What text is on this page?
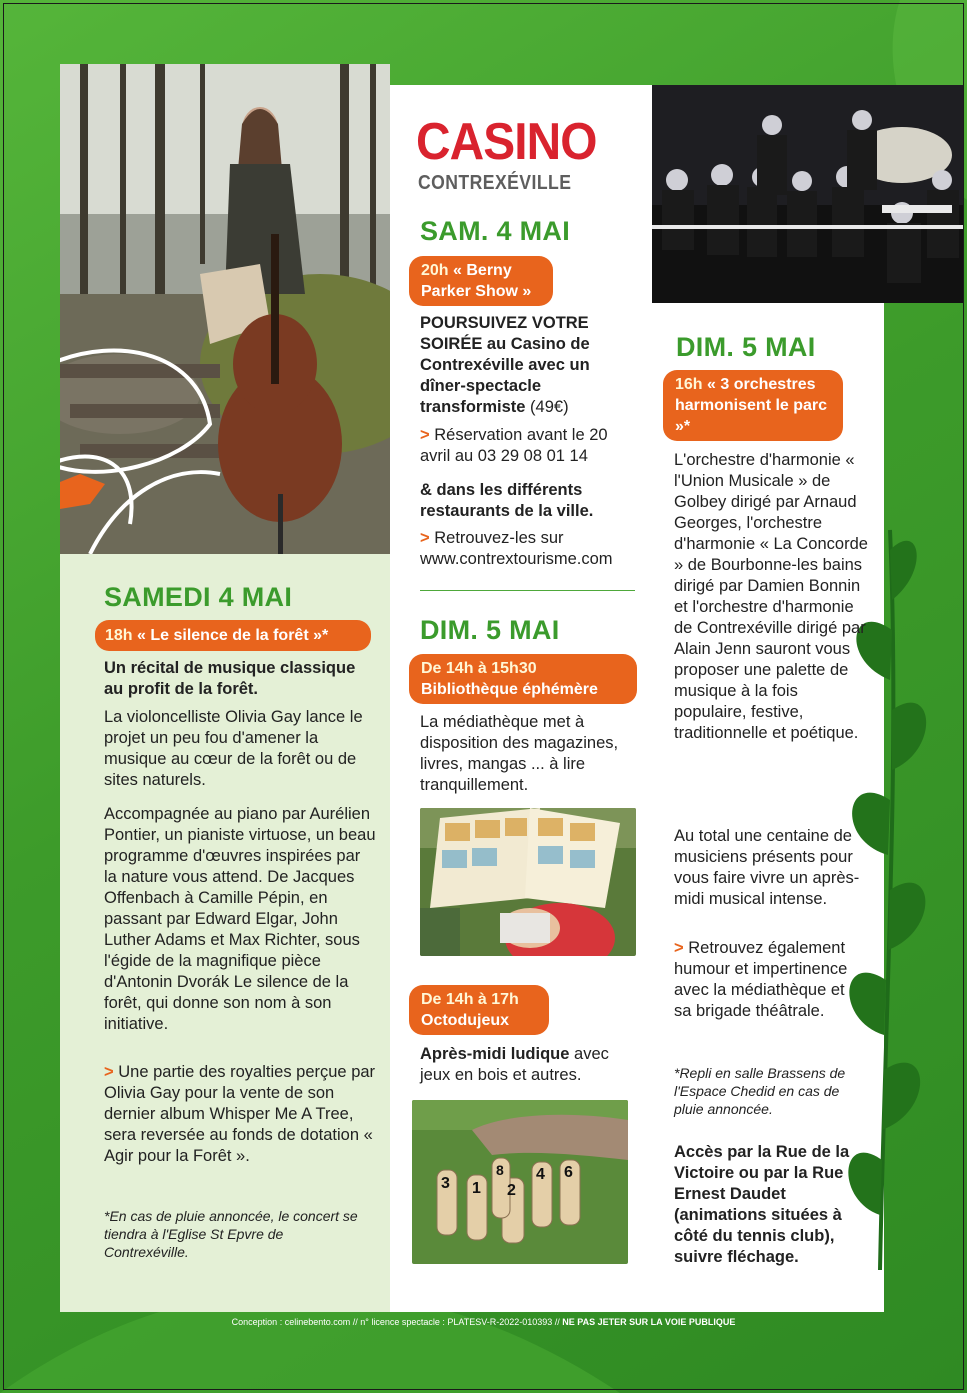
CASINO
CONTREXÉVILLE
SAMEDI 4 MAI
18h « Le silence de la forêt »*
Un récital de musique classique au profit de la forêt.
La violoncelliste Olivia Gay lance le projet un peu fou d'amener la musique au cœur de la forêt ou de sites naturels.
Accompagnée au piano par Aurélien Pontier, un pianiste virtuose, un beau programme d'œuvres inspirées par la nature vous attend. De Jacques Offenbach à Camille Pépin, en passant par Edward Elgar, John Luther Adams et Max Richter, sous l'égide de la magnifique pièce d'Antonin Dvorák Le silence de la forêt, qui donne son nom à son initiative.
> Une partie des royalties perçue par Olivia Gay pour la vente de son dernier album Whisper Me A Tree, sera reversée au fonds de dotation « Agir pour la Forêt ».
*En cas de pluie annoncée, le concert se tiendra à l'Eglise St Epvre de Contrexéville.
SAM. 4 MAI
20h « Berny Parker Show »
POURSUIVEZ VOTRE SOIRÉE au Casino de Contrexéville avec un dîner-spectacle transformiste (49€)
> Réservation avant le 20 avril au 03 29 08 01 14
& dans les différents restaurants de la ville.
> Retrouvez-les sur www.contrextourisme.com
DIM. 5 MAI
De 14h à 15h30
Bibliothèque éphémère
La médiathèque met à disposition des magazines, livres, mangas ... à lire tranquillement.
De 14h à 17h
Octodujeux
Après-midi ludique avec jeux en bois et autres.
3 1 2
4 6
8
DIM. 5 MAI
16h « 3 orchestres harmonisent le parc »*
L'orchestre d'harmonie « l'Union Musicale » de Golbey dirigé par Arnaud Georges, l'orchestre d'harmonie « La Concorde » de Bourbonne-les bains dirigé par Damien Bonnin et l'orchestre d'harmonie de Contrexéville dirigé par Alain Jenn sauront vous proposer une palette de musique à la fois populaire, festive, traditionnelle et poétique.
Au total une centaine de musiciens présents pour vous faire vivre un après-midi musical intense.
> Retrouvez également humour et impertinence avec la médiathèque et sa brigade théâtrale.
*Repli en salle Brassens de l'Espace Chedid en cas de pluie annoncée.
Accès par la Rue de la Victoire ou par la Rue Ernest Daudet (animations situées à côté du tennis club), suivre fléchage.
Conception : celinebento.com // n° licence spectacle : PLATESV-R-2022-010393 // NE PAS JETER SUR LA VOIE PUBLIQUE
